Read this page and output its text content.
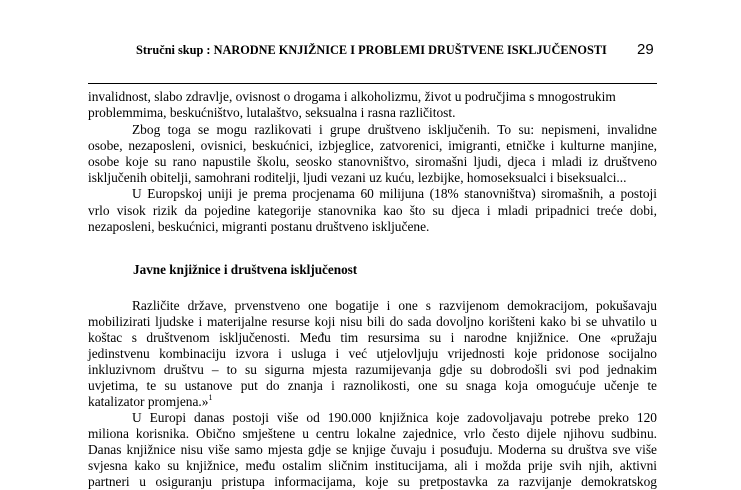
Stručni skup : NARODNE KNJIŽNICE I PROBLEMI DRUŠTVENE ISKLJUČENOSTI 29
invalidnost, slabo zdravlje, ovisnost o drogama i alkoholizmu, život u područjima s mnogostrukim
problemmima, beskućništvo, lutalaštvo, seksualna i rasna različitost.
Zbog toga se mogu razlikovati i grupe društveno isključenih. To su: nepismeni, invalidne
osobe, nezaposleni, ovisnici, beskućnici, izbjeglice, zatvorenici, imigranti, etničke i kulturne manjine,
osobe koje su rano napustile školu, seosko stanovništvo, siromašni ljudi, djeca i mladi iz društveno
isključenih obitelji, samohrani roditelji, ljudi vezani uz kuću, lezbijke, homoseksualci i biseksualci...
U Europskoj uniji je prema procjenama 60 milijuna (18% stanovništva) siromašnih, a postoji
vrlo visok rizik da pojedine kategorije stanovnika kao što su djeca i mladi pripadnici treće dobi,
nezaposleni, beskućnici, migranti postanu društveno isključene.
Javne knjižnice i društvena isključenost
Različite države, prvenstveno one bogatije i one s razvijenom demokracijom, pokušavaju
mobilizirati ljudske i materijalne resurse koji nisu bili do sada dovoljno korišteni kako bi se uhvatilo u
koštac s društvenom isključenosti. Među tim resursima su i narodne knjižnice. One «pružaju
jedinstvenu kombinaciju izvora i usluga i već utjelovljuju vrijednosti koje pridonose socijalno
inkluzivnom društvu – to su sigurna mjesta razumijevanja gdje su dobrodošli svi pod jednakim
uvjetima, te su ustanove put do znanja i raznolikosti, one su snaga koja omogućuje učenje te
katalizator promjena.»$^1$
U Europi danas postoji više od 190.000 knjižnica koje zadovoljavaju potrebe preko 120
miliona korisnika. Obično smještene u centru lokalne zajednice, vrlo često dijele njihovu sudbinu.
Danas knjižnice nisu više samo mjesta gdje se knjige čuvaju i posuđuju. Moderna su društva sve više
svjesna kako su knjižnice, među ostalim sličnim institucijama, ali i možda prije svih njih, aktivni
partneri u osiguranju pristupa informacijama, koje su pretpostavka za razvijanje demokratskog
